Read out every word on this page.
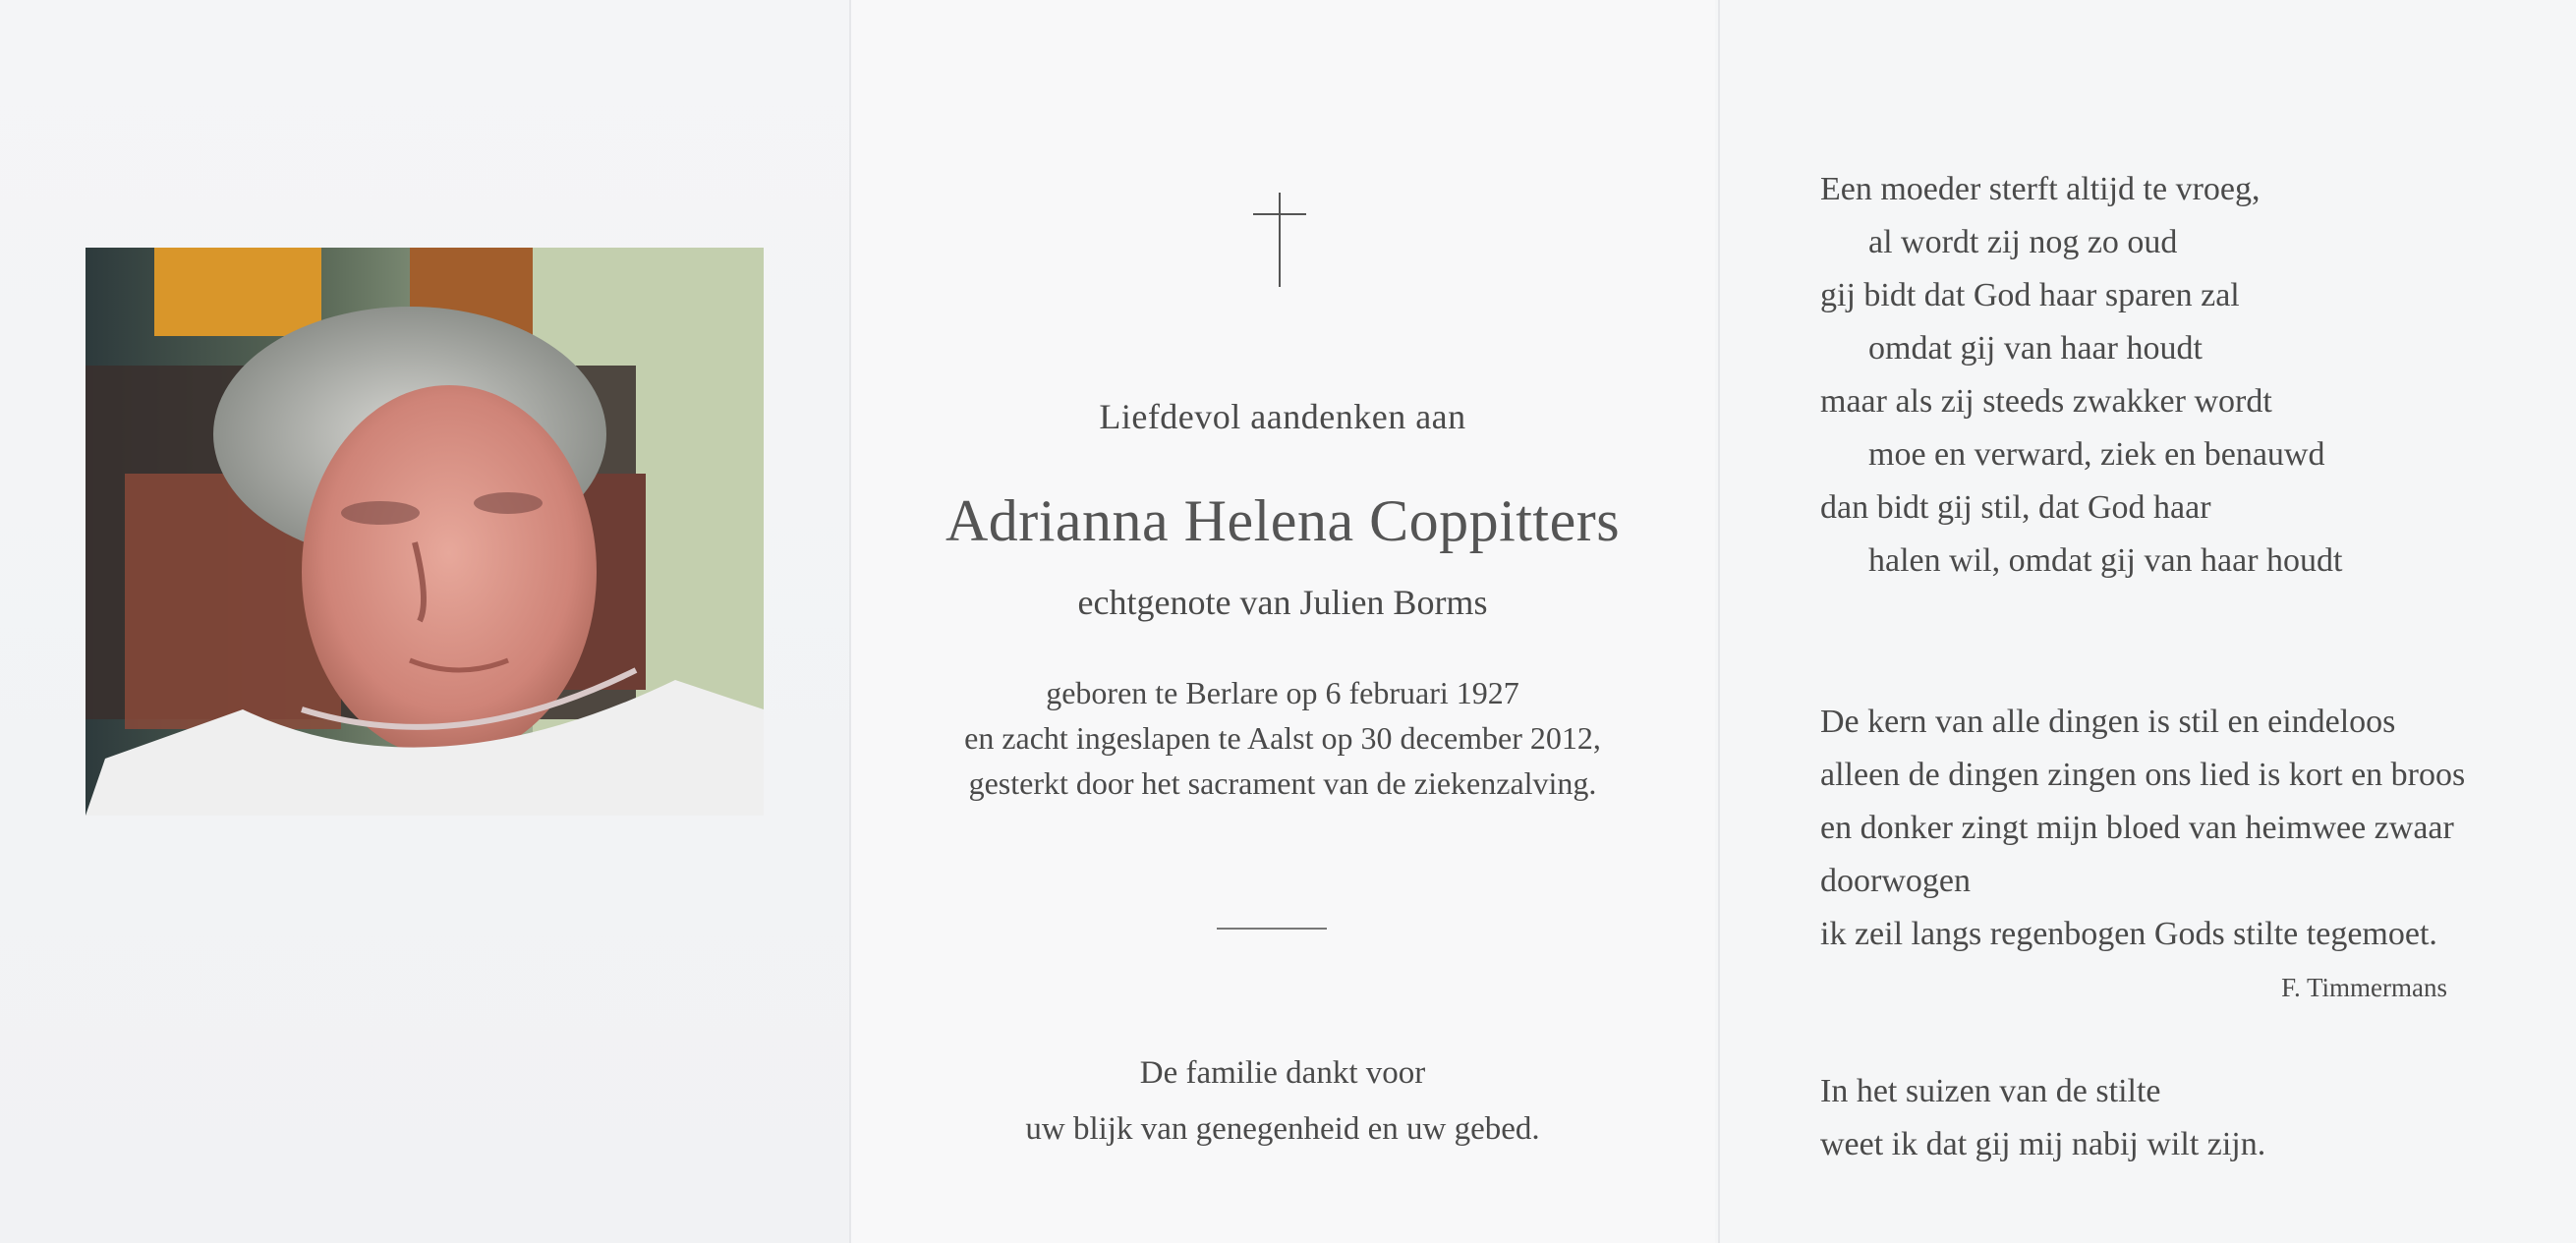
Liefdevol aandenken aan
Adrianna Helena Coppitters
echtgenote van Julien Borms
geboren te Berlare op 6 februari 1927
en zacht ingeslapen te Aalst op 30 december 2012,
gesterkt door het sacrament van de ziekenzalving.
De familie dankt voor
uw blijk van genegenheid en uw gebed.
Een moeder sterft altijd te vroeg,
al wordt zij nog zo oud
gij bidt dat God haar sparen zal
omdat gij van haar houdt
maar als zij steeds zwakker wordt
moe en verward, ziek en benauwd
dan bidt gij stil, dat God haar
halen wil, omdat gij van haar houdt
De kern van alle dingen is stil en eindeloos
alleen de dingen zingen ons lied is kort en broos
en donker zingt mijn bloed van heimwee zwaar
doorwogen
ik zeil langs regenbogen Gods stilte tegemoet.
F. Timmermans
In het suizen van de stilte
weet ik dat gij mij nabij wilt zijn.
